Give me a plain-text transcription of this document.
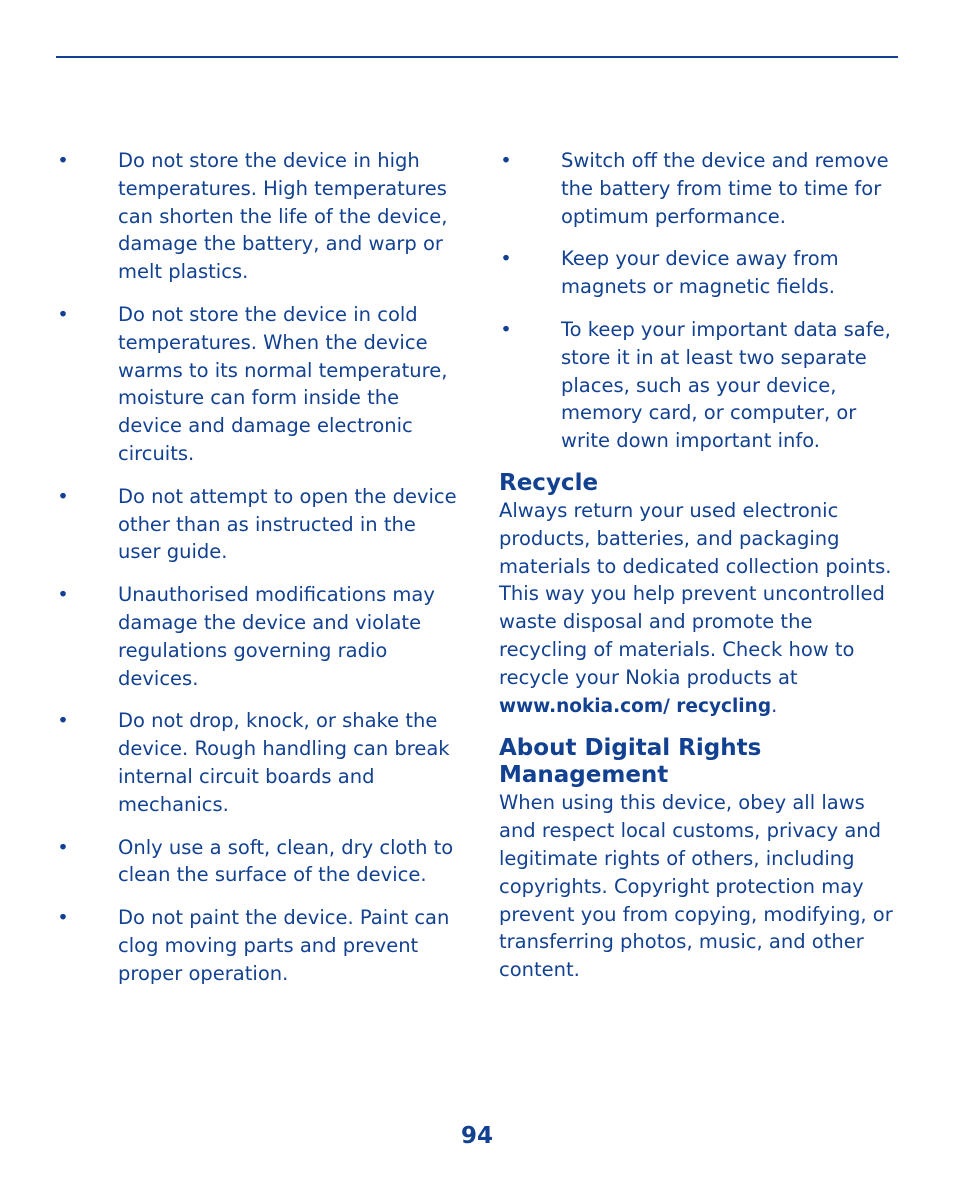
•	Do not store the device in high temperatures. High temperatures can shorten the life of the device, damage the battery, and warp or melt plastics.
•	Do not store the device in cold temperatures. When the device warms to its normal temperature, moisture can form inside the device and damage electronic circuits.
•	Do not attempt to open the device other than as instructed in the user guide.
•	Unauthorised modifications may damage the device and violate regulations governing radio devices.
•	Do not drop, knock, or shake the device. Rough handling can break internal circuit boards and mechanics.
•	Only use a soft, clean, dry cloth to clean the surface of the device.
•	Do not paint the device. Paint can clog moving parts and prevent proper operation.
•	Switch off the device and remove the battery from time to time for optimum performance.
•	Keep your device away from magnets or magnetic fields.
•	To keep your important data safe, store it in at least two separate places, such as your device, memory card, or computer, or write down important info.
Recycle

Always return your used electronic products, batteries, and packaging materials to dedicated collection points. This way you help prevent uncontrolled waste disposal and promote the recycling of materials. Check how to recycle your Nokia products at www.nokia.com/ recycling.

About Digital Rights Management

When using this device, obey all laws and respect local customs, privacy and legitimate rights of others, including copyrights. Copyright protection may prevent you from copying, modifying, or transferring photos, music, and other content.

94
